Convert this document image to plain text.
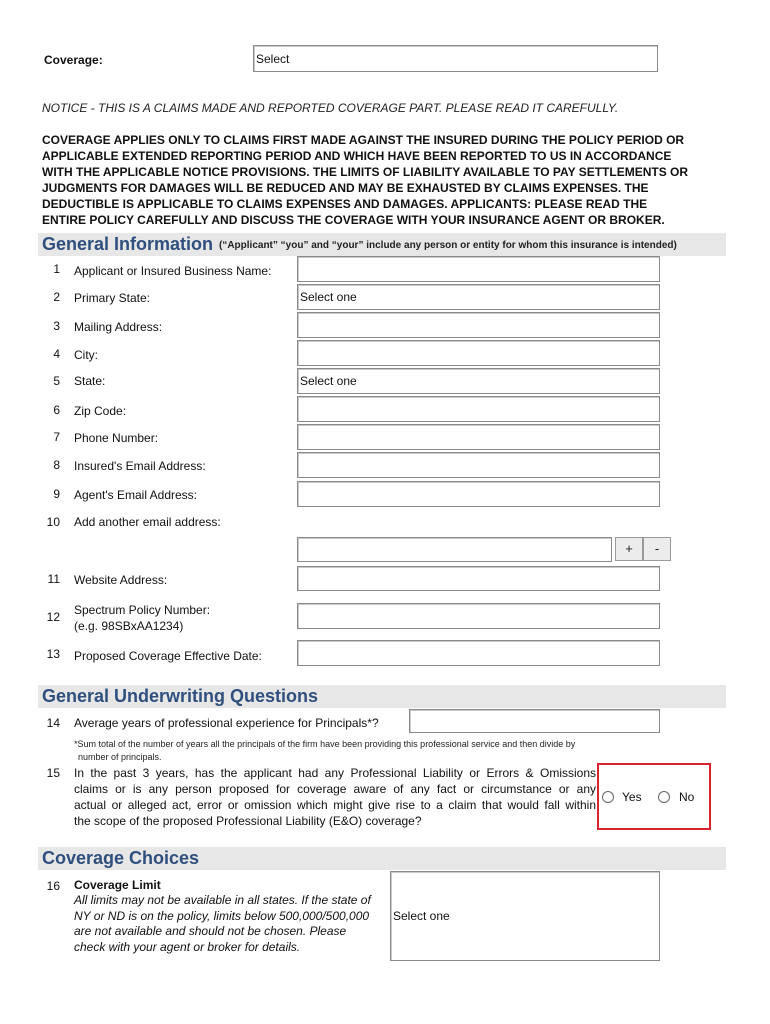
Coverage:	Select
NOTICE - THIS IS A CLAIMS MADE AND REPORTED COVERAGE PART. PLEASE READ IT CAREFULLY.
COVERAGE APPLIES ONLY TO CLAIMS FIRST MADE AGAINST THE INSURED DURING THE POLICY PERIOD OR
APPLICABLE EXTENDED REPORTING PERIOD AND WHICH HAVE BEEN REPORTED TO US IN ACCORDANCE
WITH THE APPLICABLE NOTICE PROVISIONS. THE LIMITS OF LIABILITY AVAILABLE TO PAY SETTLEMENTS OR
JUDGMENTS FOR DAMAGES WILL BE REDUCED AND MAY BE EXHAUSTED BY CLAIMS EXPENSES. THE
DEDUCTIBLE IS APPLICABLE TO CLAIMS EXPENSES AND DAMAGES. APPLICANTS: PLEASE READ THE
ENTIRE POLICY CAREFULLY AND DISCUSS THE COVERAGE WITH YOUR INSURANCE AGENT OR BROKER.
General Information (“Applicant” “you” and “your” include any person or entity for whom this insurance is intended)
1 Applicant or Insured Business Name:
2 Primary State:	Select one
3 Mailing Address:
4 City:
5 State:	Select one
6 Zip Code:
7 Phone Number:
8 Insured's Email Address:
9 Agent's Email Address:
10 Add another email address:
+	-
11 Website Address:
12 Spectrum Policy Number:
(e.g. 98SBxAA1234)
13 Proposed Coverage Effective Date:
General Underwriting Questions
14 Average years of professional experience for Principals*?
*Sum total of the number of years all the principals of the firm have been providing this professional service and then divide by
number of principals.
15 In the past 3 years, has the applicant had any Professional Liability or Errors & Omissions
claims or is any person proposed for coverage aware of any fact or circumstance or any
actual or alleged act, error or omission which might give rise to a claim that would fall within
the scope of the proposed Professional Liability (E&O) coverage?
Yes	No
Coverage Choices
16 Coverage Limit
All limits may not be available in all states. If the state of
NY or ND is on the policy, limits below 500,000/500,000
are not available and should not be chosen. Please
check with your agent or broker for details.
Select one
